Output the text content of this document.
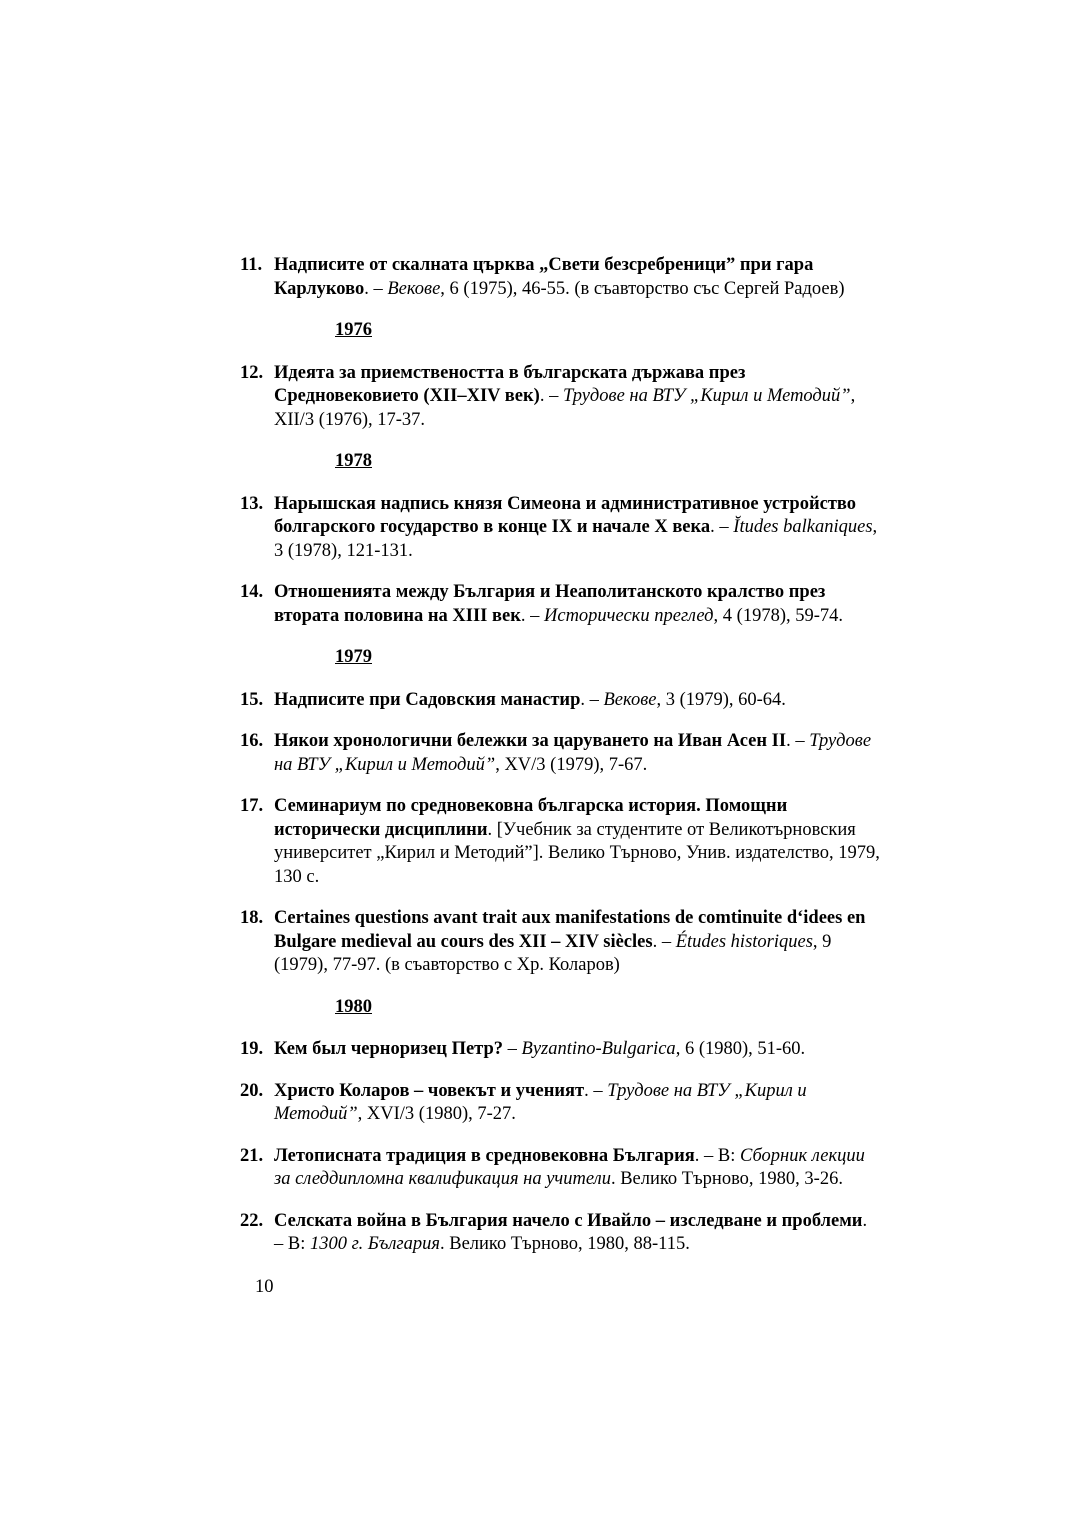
11. Надписите от скалната църква „Свети безсребреници” при гара Карлуково. – Векове, 6 (1975), 46-55. (в съавторство със Сергей Радоев)
1976
12. Идеята за приемствеността в българската държава през Средновековието (XII–XIV век). – Трудове на ВТУ „Кирил и Методий”, XII/3 (1976), 17-37.
1978
13. Нарышская надпись князя Симеона и административное устройство болгарского государство в конце IX и начале X века. – Ĭtudes balkaniques, 3 (1978), 121-131.
14. Отношенията между България и Неаполитанското кралство през втората половина на XIII век. – Исторически преглед, 4 (1978), 59-74.
1979
15. Надписите при Садовския манастир. – Векове, 3 (1979), 60-64.
16. Някои хронологични бележки за царуването на Иван Асен II. – Трудове на ВТУ „Кирил и Методий”, XV/3 (1979), 7-67.
17. Семинариум по средновековна българска история. Помощни исторически дисциплини. [Учебник за студентите от Великотърновския университет „Кирил и Методий”]. Велико Търново, Унив. издателство, 1979, 130 с.
18. Certaines questions avant trait aux manifestations de comtinuite d‘idees en Bulgare medieval au cours des XII – XIV siècles. – Études historiques, 9 (1979), 77-97. (в съавторство с Хр. Коларов)
1980
19. Кем был черноризец Петр? – Byzantino-Bulgarica, 6 (1980), 51-60.
20. Христо Коларов – човекът и ученият. – Трудове на ВТУ „Кирил и Методий”, XVI/3 (1980), 7-27.
21. Летописната традиция в средновековна България. – В: Сборник лекции за следдипломна квалификация на учители. Велико Търново, 1980, 3-26.
22. Селската война в България начело с Ивайло – изследване и проблеми. – В: 1300 г. България. Велико Търново, 1980, 88-115.
10
